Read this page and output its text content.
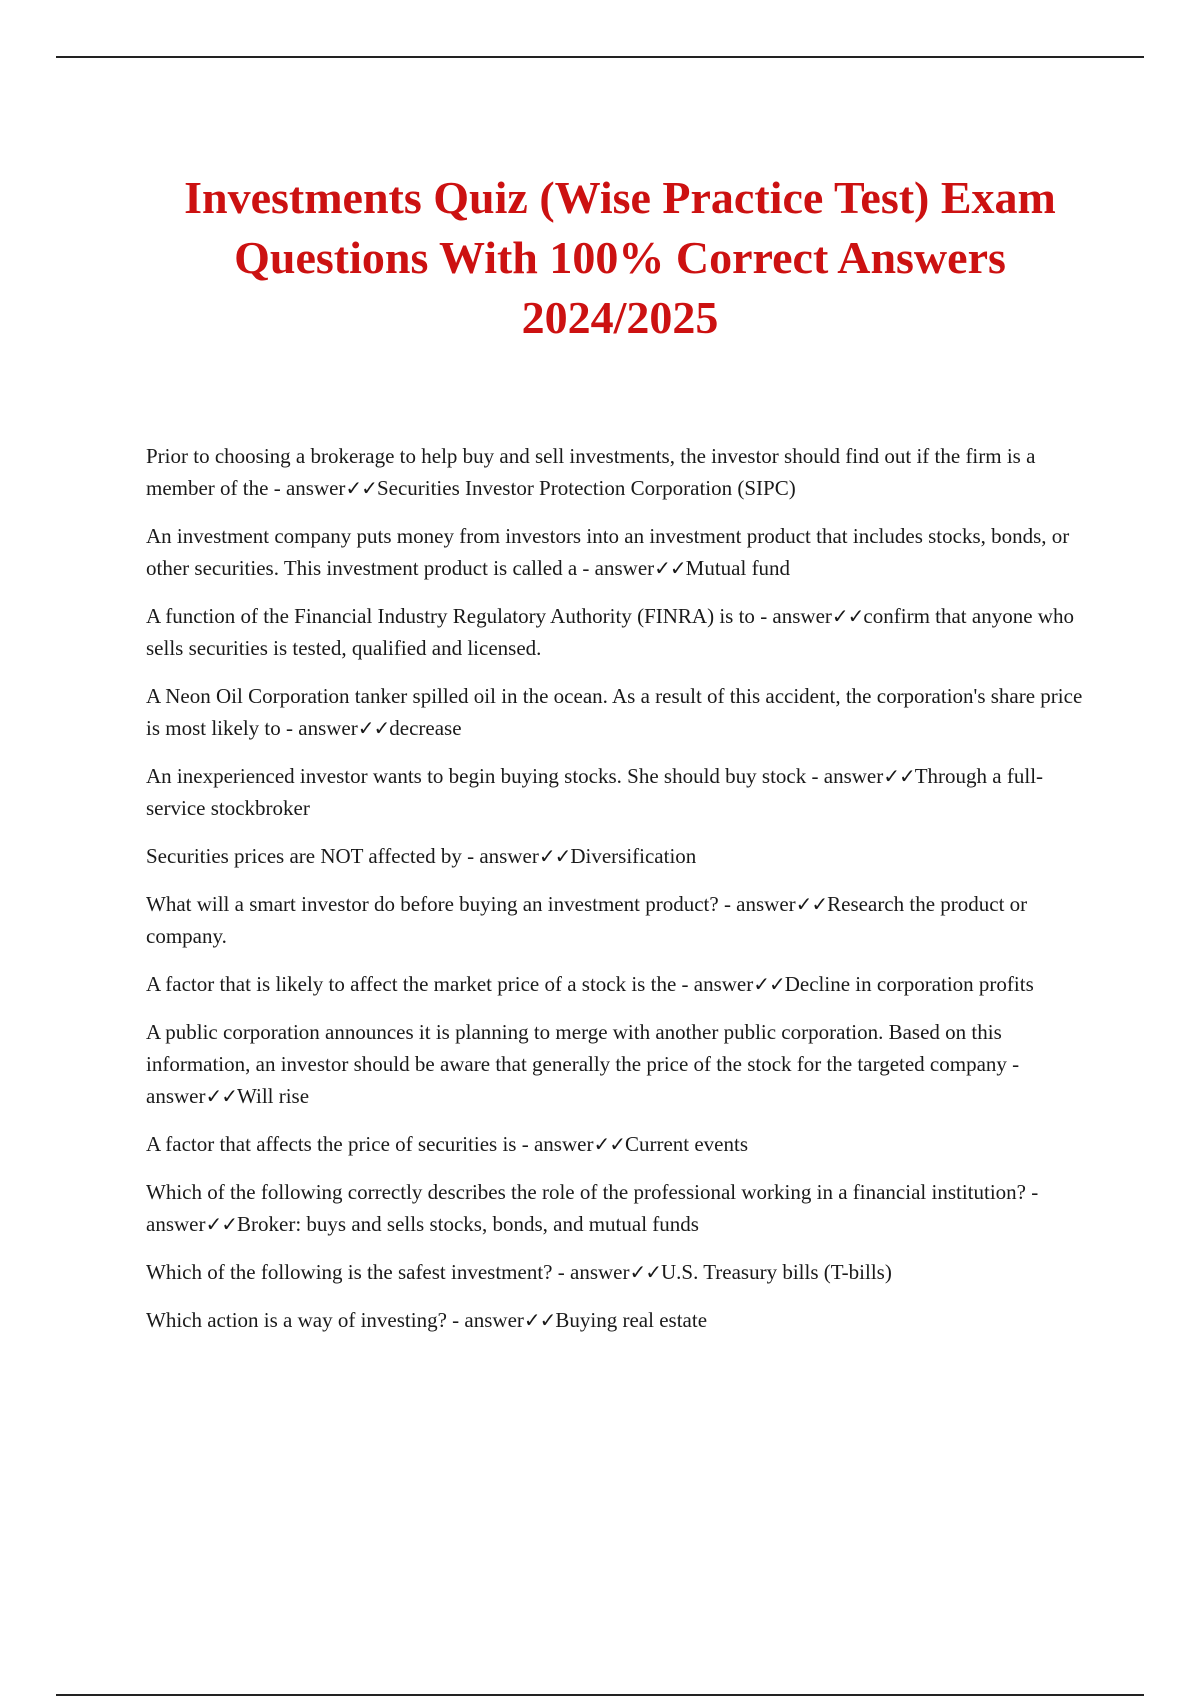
Investments Quiz (Wise Practice Test) Exam
Questions With 100% Correct Answers
2024/2025
Prior to choosing a brokerage to help buy and sell investments, the investor should find out if the firm is a member of the - answer✓✓Securities Investor Protection Corporation (SIPC)
An investment company puts money from investors into an investment product that includes stocks, bonds, or other securities. This investment product is called a - answer✓✓Mutual fund
A function of the Financial Industry Regulatory Authority (FINRA) is to - answer✓✓confirm that anyone who sells securities is tested, qualified and licensed.
A Neon Oil Corporation tanker spilled oil in the ocean. As a result of this accident, the corporation's share price is most likely to - answer✓✓decrease
An inexperienced investor wants to begin buying stocks. She should buy stock - answer✓✓Through a full-service stockbroker
Securities prices are NOT affected by - answer✓✓Diversification
What will a smart investor do before buying an investment product? - answer✓✓Research the product or company.
A factor that is likely to affect the market price of a stock is the - answer✓✓Decline in corporation profits
A public corporation announces it is planning to merge with another public corporation. Based on this information, an investor should be aware that generally the price of the stock for the targeted company - answer✓✓Will rise
A factor that affects the price of securities is - answer✓✓Current events
Which of the following correctly describes the role of the professional working in a financial institution? - answer✓✓Broker: buys and sells stocks, bonds, and mutual funds
Which of the following is the safest investment? - answer✓✓U.S. Treasury bills (T-bills)
Which action is a way of investing? - answer✓✓Buying real estate
